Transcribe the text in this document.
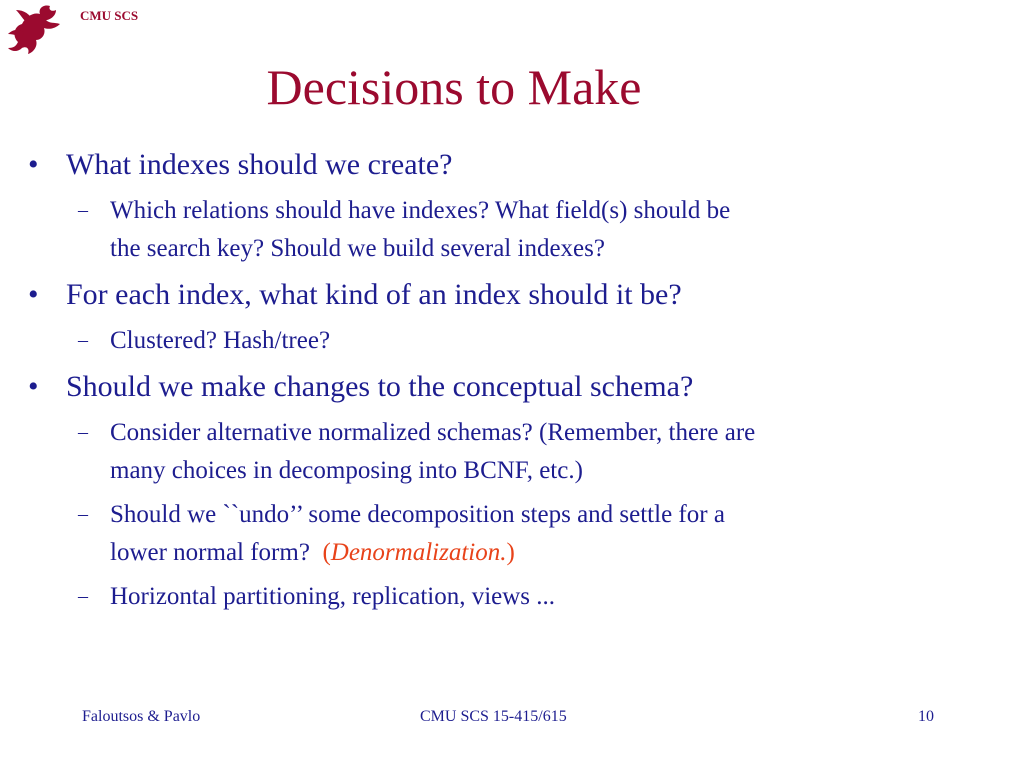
CMU SCS
Decisions to Make
• What indexes should we create?
– Which relations should have indexes? What field(s) should be
the search key? Should we build several indexes?
• For each index, what kind of an index should it be?
– Clustered? Hash/tree?
• Should we make changes to the conceptual schema?
– Consider alternative normalized schemas? (Remember, there are
many choices in decomposing into BCNF, etc.)
– Should we ``undo’’ some decomposition steps and settle for a
lower normal form?  (Denormalization.)
– Horizontal partitioning, replication, views ...
Faloutsos & Pavlo	CMU SCS 15-415/615	10
